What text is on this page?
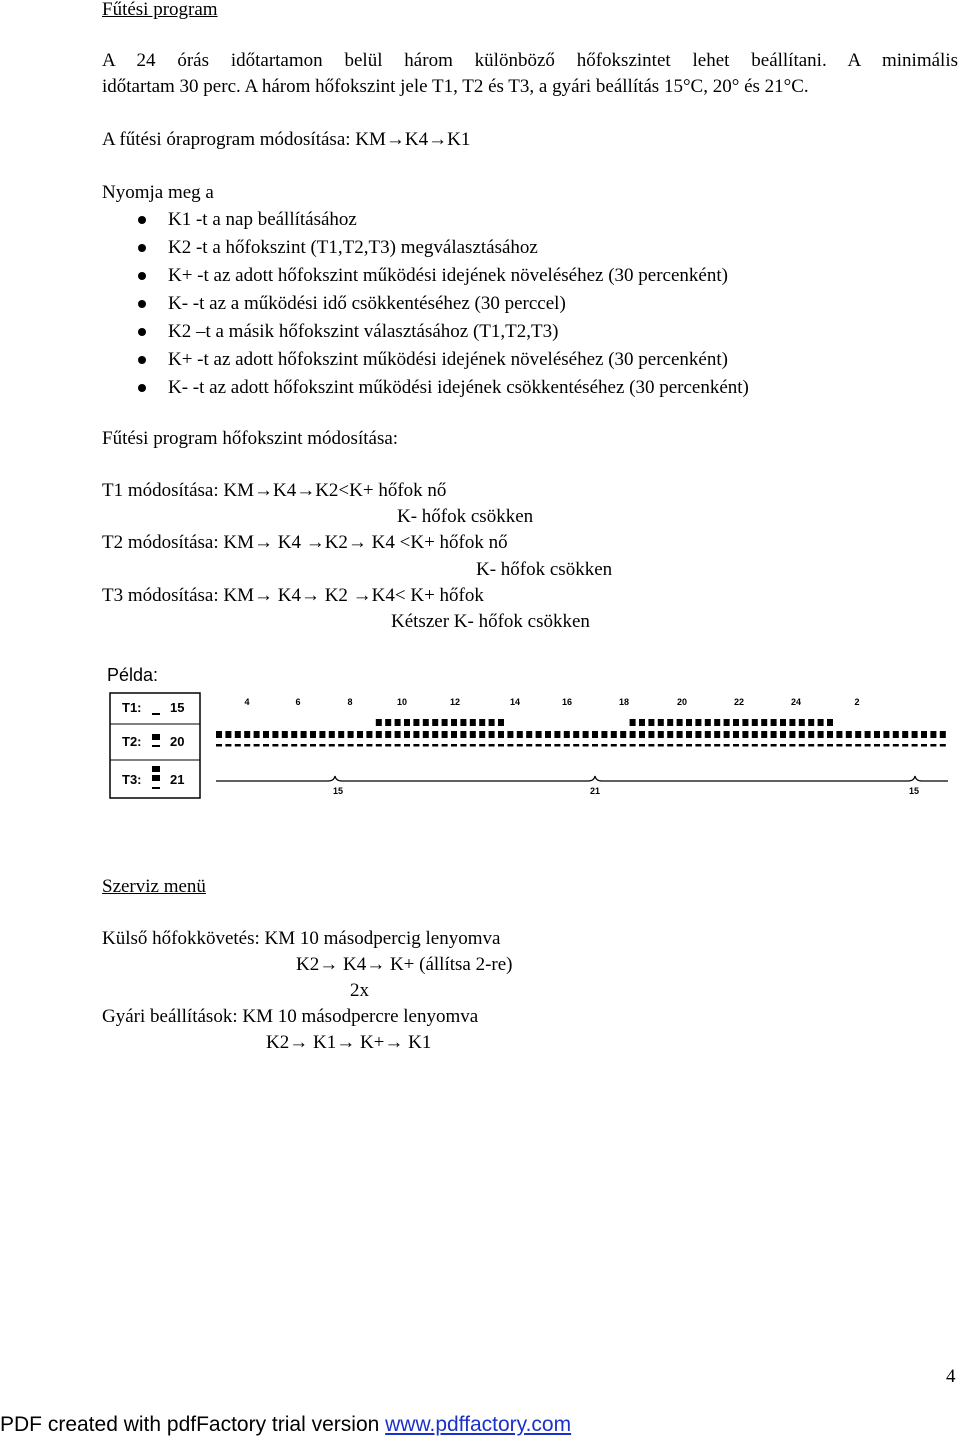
Fűtési program
A 24 órás időtartamon belül három különböző hőfokszintet lehet beállítani. A minimális
időtartam 30 perc. A három hőfokszint jele T1, T2 és T3, a gyári beállítás 15°C, 20° és 21°C.
A fűtési óraprogram módosítása: KM→K4→K1
Nyomja meg a
K1 -t a nap beállításához
K2 -t a hőfokszint (T1,T2,T3) megválasztásához
K+ -t az adott hőfokszint működési idejének növeléséhez (30 percenként)
K- -t az a működési idő csökkentéséhez (30 perccel)
K2 –t a másik hőfokszint választásához (T1,T2,T3)
K+ -t az adott hőfokszint működési idejének növeléséhez (30 percenként)
K- -t az adott hőfokszint működési idejének csökkentéséhez (30 percenként)
Fűtési program hőfokszint módosítása:
T1 módosítása: KM→K4→K2<K+ hőfok nő
K- hőfok csökken
T2 módosítása: KM→ K4 →K2→ K4 <K+ hőfok nő
K- hőfok csökken
T3 módosítása: KM→ K4→ K2 →K4< K+ hőfok
Kétszer K- hőfok csökken
Példa:
T1: 15
T2: 20
T3: 21
4	6	8	10	12	14	16	18	20	22	24	2
15	21	15
Szerviz menü
Külső hőfokkövetés: KM 10 másodpercig lenyomva
K2→ K4→ K+ (állítsa 2-re)
2x
Gyári beállítások: KM 10 másodpercre lenyomva
K2→ K1→ K+→ K1
4
PDF created with pdfFactory trial version www.pdffactory.com
